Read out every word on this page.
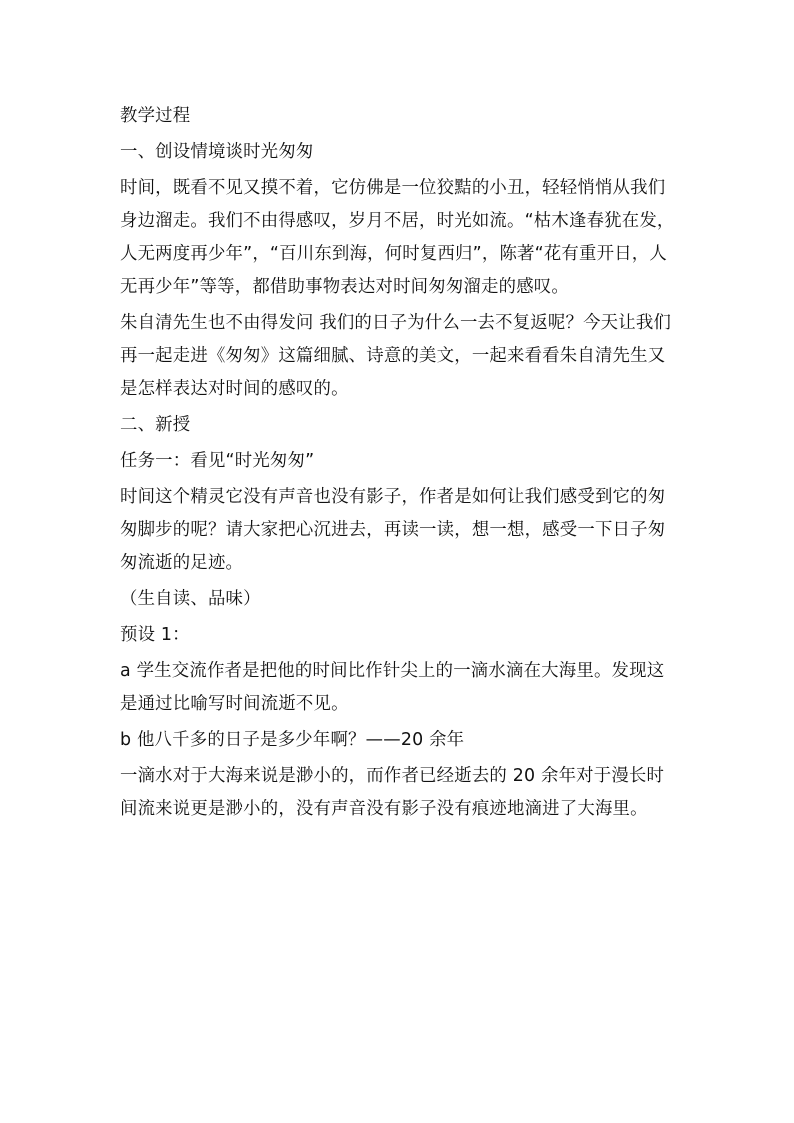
教学过程

一、创设情境谈时光匆匆

时间，既看不见又摸不着，它仿佛是一位狡黠的小丑，轻轻悄悄从我们身边溜走。我们不由得感叹，岁月不居，时光如流。“枯木逢春犹在发，人无两度再少年”，“百川东到海，何时复西归”，陈著“花有重开日，人无再少年”等等，都借助事物表达对时间匆匆溜走的感叹。

朱自清先生也不由得发问 我们的日子为什么一去不复返呢？今天让我们再一起走进《匆匆》这篇细腻、诗意的美文，一起来看看朱自清先生又是怎样表达对时间的感叹的。

二、新授

任务一：看见“时光匆匆”

时间这个精灵它没有声音也没有影子，作者是如何让我们感受到它的匆匆脚步的呢？请大家把心沉进去，再读一读，想一想，感受一下日子匆匆流逝的足迹。

（生自读、品味）

预设 1：

a 学生交流作者是把他的时间比作针尖上的一滴水滴在大海里。发现这是通过比喻写时间流逝不见。

b 他八千多的日子是多少年啊？——20 余年

一滴水对于大海来说是渺小的，而作者已经逝去的 20 余年对于漫长时间流来说更是渺小的，没有声音没有影子没有痕迹地滴进了大海里。
